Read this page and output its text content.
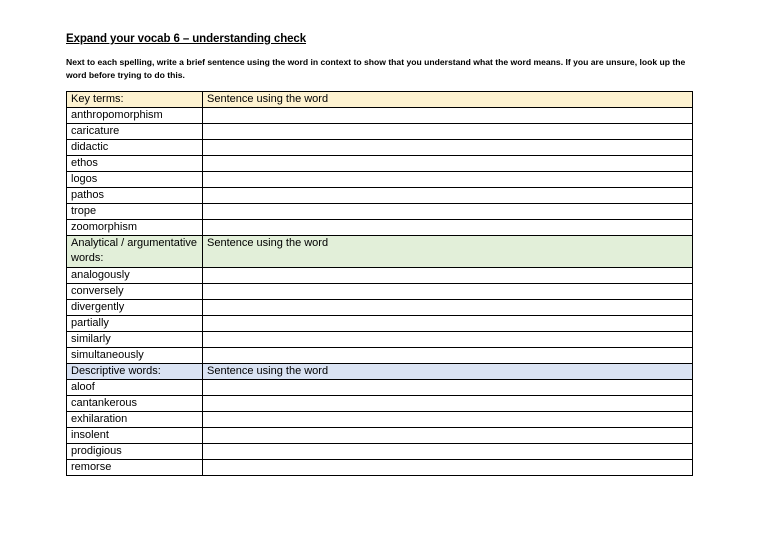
Expand your vocab 6 – understanding check
Next to each spelling, write a brief sentence using the word in context to show that you understand what the word means. If you are unsure, look up the word before trying to do this.
Key terms:	Sentence using the word
anthropomorphism	
caricature	
didactic	
ethos	
logos	
pathos	
trope	
zoomorphism	
Analytical / argumentative words:	Sentence using the word
analogously	
conversely	
divergently	
partially	
similarly	
simultaneously	
Descriptive words:	Sentence using the word
aloof	
cantankerous	
exhilaration	
insolent	
prodigious	
remorse	
